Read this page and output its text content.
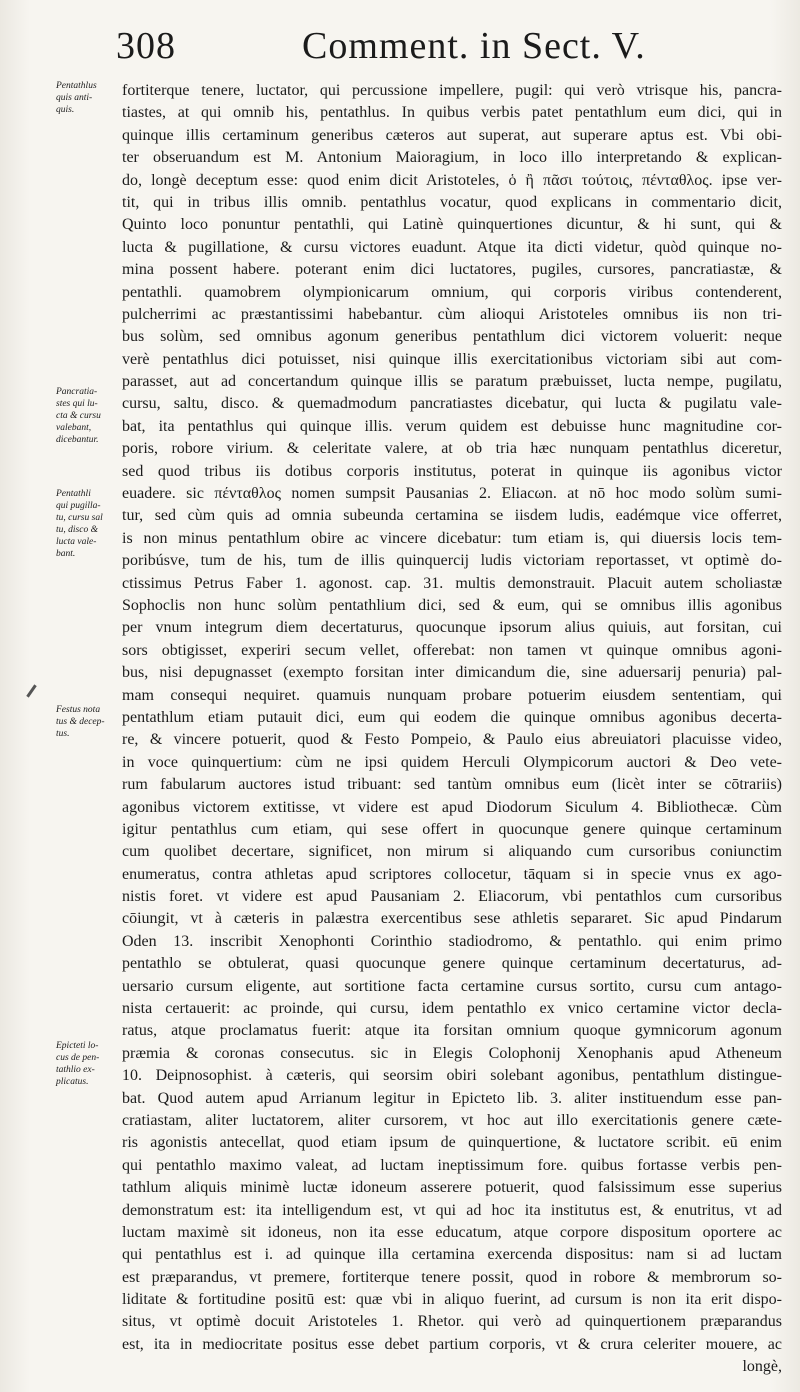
308	Comment. in Sect. V.
Pentathlus
quis anti-
quis.
Pancratia-
stes qui lu-
cta & cursu
valebant,
dicebantur.
Pentathli
qui pugilla-
tu, cursu sal
tu, disco &
lucta vale-
bant.
Festus nota
tus & decep-
tus.
Epicteti lo-
cus de pen-
tathlio ex-
plicatus.
fortiterque tenere, luctator, qui percussione impellere, pugil: qui verò vtrisque his, pancra-
tiastes, at qui omnib his, pentathlus. In quibus verbis patet pentathlum eum dici, qui in
quinque illis certaminum generibus cæteros aut superat, aut superare aptus est. Vbi obi-
ter obseruandum est M. Antonium Maioragium, in loco illo interpretando & explican-
do, longè deceptum esse: quod enim dicit Aristoteles, ὁ ἢ πᾶσι τούτοις, πένταθλος. ipse ver-
tit, qui in tribus illis omnib. pentathlus vocatur, quod explicans in commentario dicit,
Quinto loco ponuntur pentathli, qui Latinè quinquertiones dicuntur, & hi sunt, qui &
lucta & pugillatione, & cursu victores euadunt. Atque ita dicti videtur, quòd quinque no-
mina possent habere. poterant enim dici luctatores, pugiles, cursores, pancratiastæ, &
pentathli. quamobrem olympionicarum omnium, qui corporis viribus contenderent,
pulcherrimi ac præstantissimi habebantur. cùm alioqui Aristoteles omnibus iis non tri-
bus solùm, sed omnibus agonum generibus pentathlum dici victorem voluerit: neque
verè pentathlus dici potuisset, nisi quinque illis exercitationibus victoriam sibi aut com-
parasset, aut ad concertandum quinque illis se paratum præbuisset, lucta nempe, pugilatu,
cursu, saltu, disco. & quemadmodum pancratiastes dicebatur, qui lucta & pugilatu vale-
bat, ita pentathlus qui quinque illis. verum quidem est debuisse hunc magnitudine cor-
poris, robore virium. & celeritate valere, at ob tria hæc nunquam pentathlus diceretur,
sed quod tribus iis dotibus corporis institutus, poterat in quinque iis agonibus victor
euadere. sic πένταθλος nomen sumpsit Pausanias 2. Eliacωn. at nō hoc modo solùm sumi-
tur, sed cùm quis ad omnia subeunda certamina se iisdem ludis, eadémque vice offerret,
is non minus pentathlum obire ac vincere dicebatur: tum etiam is, qui diuersis locis tem-
poribúsve, tum de his, tum de illis quinquercij ludis victoriam reportasset, vt optimè do-
ctissimus Petrus Faber 1. agonost. cap. 31. multis demonstrauit. Placuit autem scholiastæ
Sophoclis non hunc solùm pentathlium dici, sed & eum, qui se omnibus illis agonibus
per vnum integrum diem decertaturus, quocunque ipsorum alius quiuis, aut forsitan, cui
sors obtigisset, experiri secum vellet, offerebat: non tamen vt quinque omnibus agoni-
bus, nisi depugnasset (exempto forsitan inter dimicandum die, sine aduersarij penuria) pal-
mam consequi nequiret. quamuis nunquam probare potuerim eiusdem sententiam, qui
pentathlum etiam putauit dici, eum qui eodem die quinque omnibus agonibus decerta-
re, & vincere potuerit, quod & Festo Pompeio, & Paulo eius abreuiatori placuisse video,
in voce quinquertium: cùm ne ipsi quidem Herculi Olympicorum auctori & Deo vete-
rum fabularum auctores istud tribuant: sed tantùm omnibus eum (licèt inter se cōtrariis)
agonibus victorem extitisse, vt videre est apud Diodorum Siculum 4. Bibliothecæ. Cùm
igitur pentathlus cum etiam, qui sese offert in quocunque genere quinque certaminum
cum quolibet decertare, significet, non mirum si aliquando cum cursoribus coniunctim
enumeratus, contra athletas apud scriptores collocetur, tāquam si in specie vnus ex ago-
nistis foret. vt videre est apud Pausaniam 2. Eliacorum, vbi pentathlos cum cursoribus
cōiungit, vt à cæteris in palæstra exercentibus sese athletis separaret. Sic apud Pindarum
Oden 13. inscribit Xenophonti Corinthio stadiodromo, & pentathlo. qui enim primo
pentathlo se obtulerat, quasi quocunque genere quinque certaminum decertaturus, ad-
uersario cursum eligente, aut sortitione facta certamine cursus sortito, cursu cum antago-
nista certauerit: ac proinde, qui cursu, idem pentathlo ex vnico certamine victor decla-
ratus, atque proclamatus fuerit: atque ita forsitan omnium quoque gymnicorum agonum
præmia & coronas consecutus. sic in Elegis Colophonij Xenophanis apud Atheneum
10. Deipnosophist. à cæteris, qui seorsim obiri solebant agonibus, pentathlum distingue-
bat. Quod autem apud Arrianum legitur in Epicteto lib. 3. aliter instituendum esse pan-
cratiastam, aliter luctatorem, aliter cursorem, vt hoc aut illo exercitationis genere cæte-
ris agonistis antecellat, quod etiam ipsum de quinquertione, & luctatore scribit. eū enim
qui pentathlo maximo valeat, ad luctam ineptissimum fore. quibus fortasse verbis pen-
tathlum aliquis minimè luctæ idoneum asserere potuerit, quod falsissimum esse superius
demonstratum est: ita intelligendum est, vt qui ad hoc ita institutus est, & enutritus, vt ad
luctam maximè sit idoneus, non ita esse educatum, atque corpore dispositum oportere ac
qui pentathlus est i. ad quinque illa certamina exercenda dispositus: nam si ad luctam
est præparandus, vt premere, fortiterque tenere possit, quod in robore & membrorum so-
liditate & fortitudine positū est: quæ vbi in aliquo fuerint, ad cursum is non ita erit dispo-
situs, vt optimè docuit Aristoteles 1. Rhetor. qui verò ad quinquertionem præparandus
est, ita in mediocritate positus esse debet partium corporis, vt & crura celeriter mouere, ac
longè,
